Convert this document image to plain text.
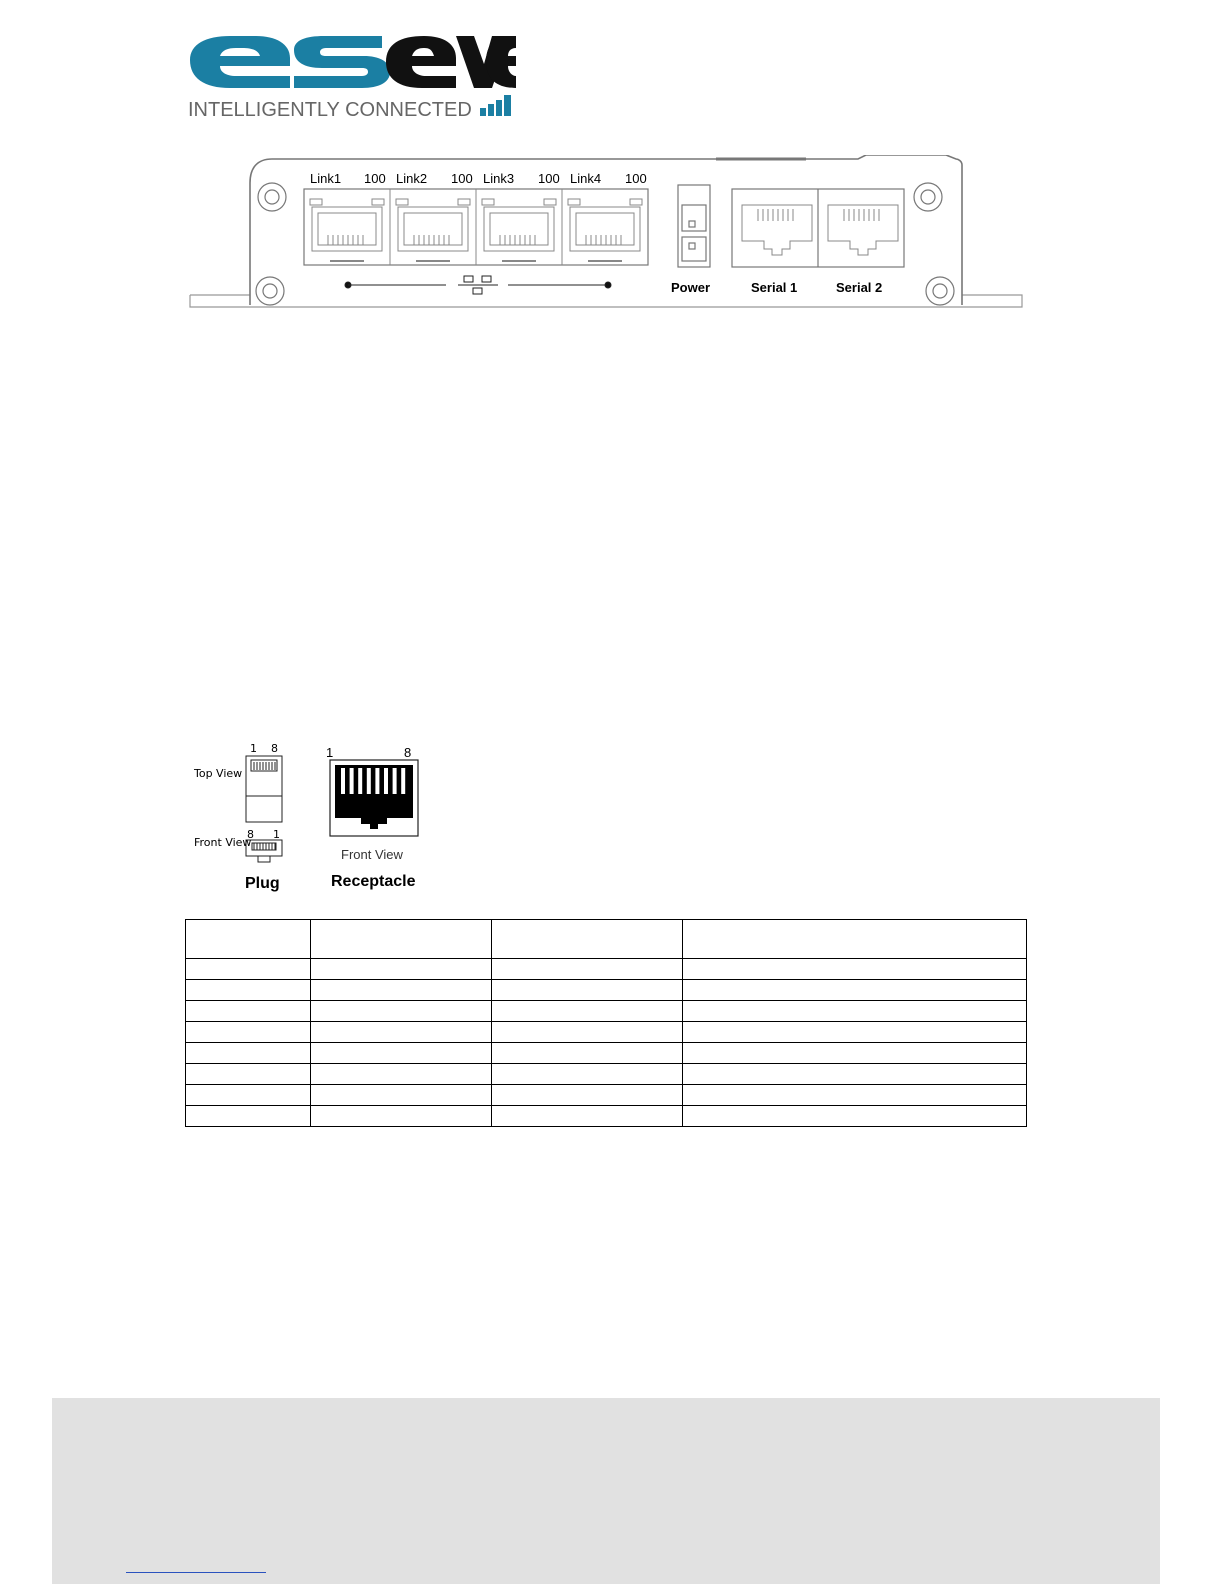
INTELLIGENTLY CONNECTED
Link1 100 Link2 100 Link3 100 Link4 100
Power	Serial 1	Serial 2
1 8
Top View
8 1
Front View
Plug
1	8
Front View
Receptacle
